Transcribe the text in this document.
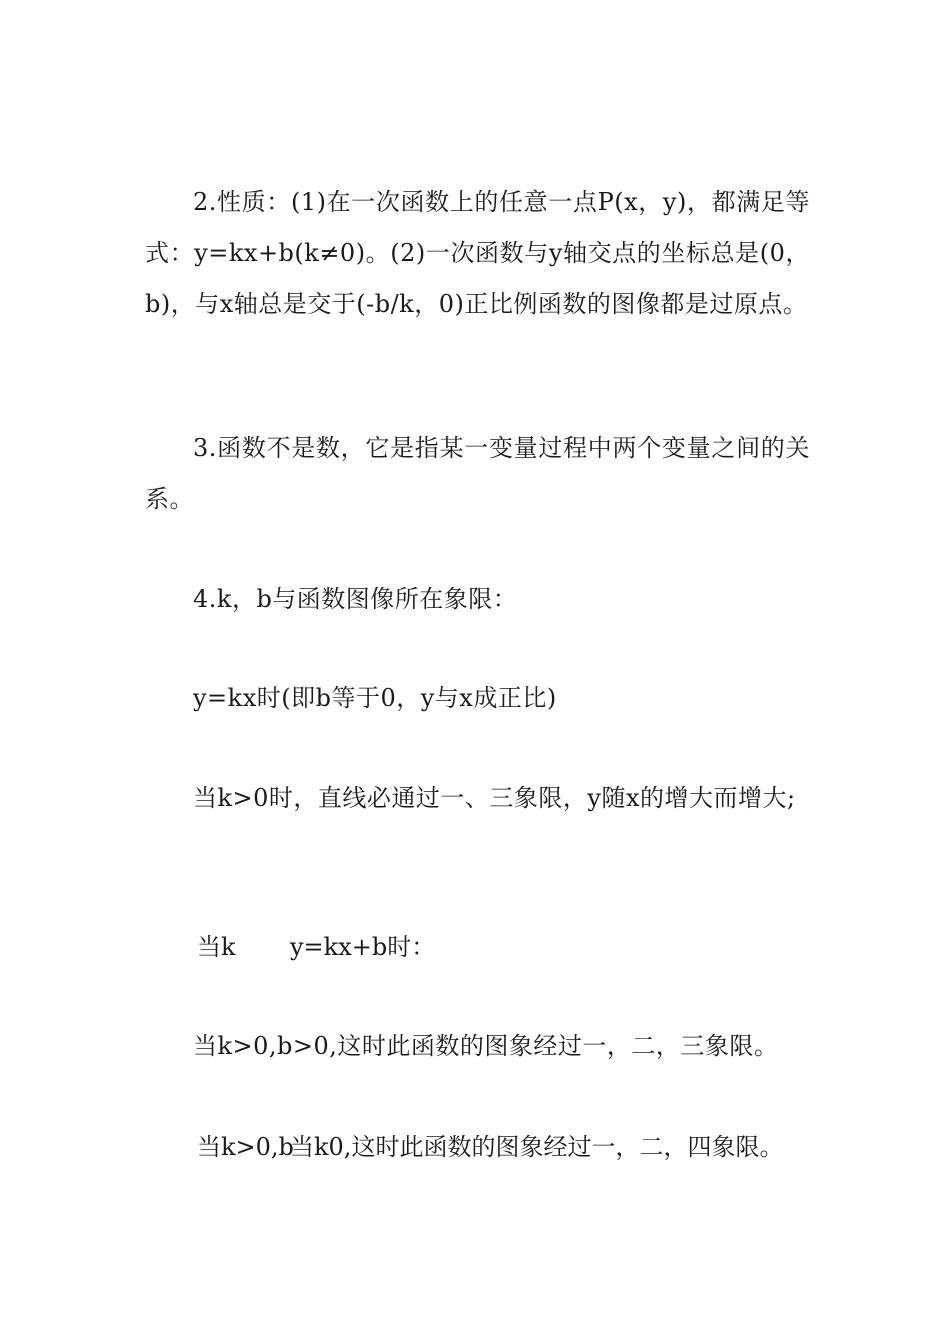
2.性质：(1)在一次函数上的任意一点P(x，y)，都满足等式：y=kx+b(k≠0)。(2)一次函数与y轴交点的坐标总是(0，b)，与x轴总是交于(-b/k，0)正比例函数的图像都是过原点。

3.函数不是数，它是指某一变量过程中两个变量之间的关系。

4.k，b与函数图像所在象限：

y=kx时(即b等于0，y与x成正比)

当k>0时，直线必通过一、三象限，y随x的增大而增大;

当k y=kx+b时：

当k>0,b>0,这时此函数的图象经过一，二，三象限。

当k>0,b
当k0,这时此函数的图象经过一，二，四象限。
